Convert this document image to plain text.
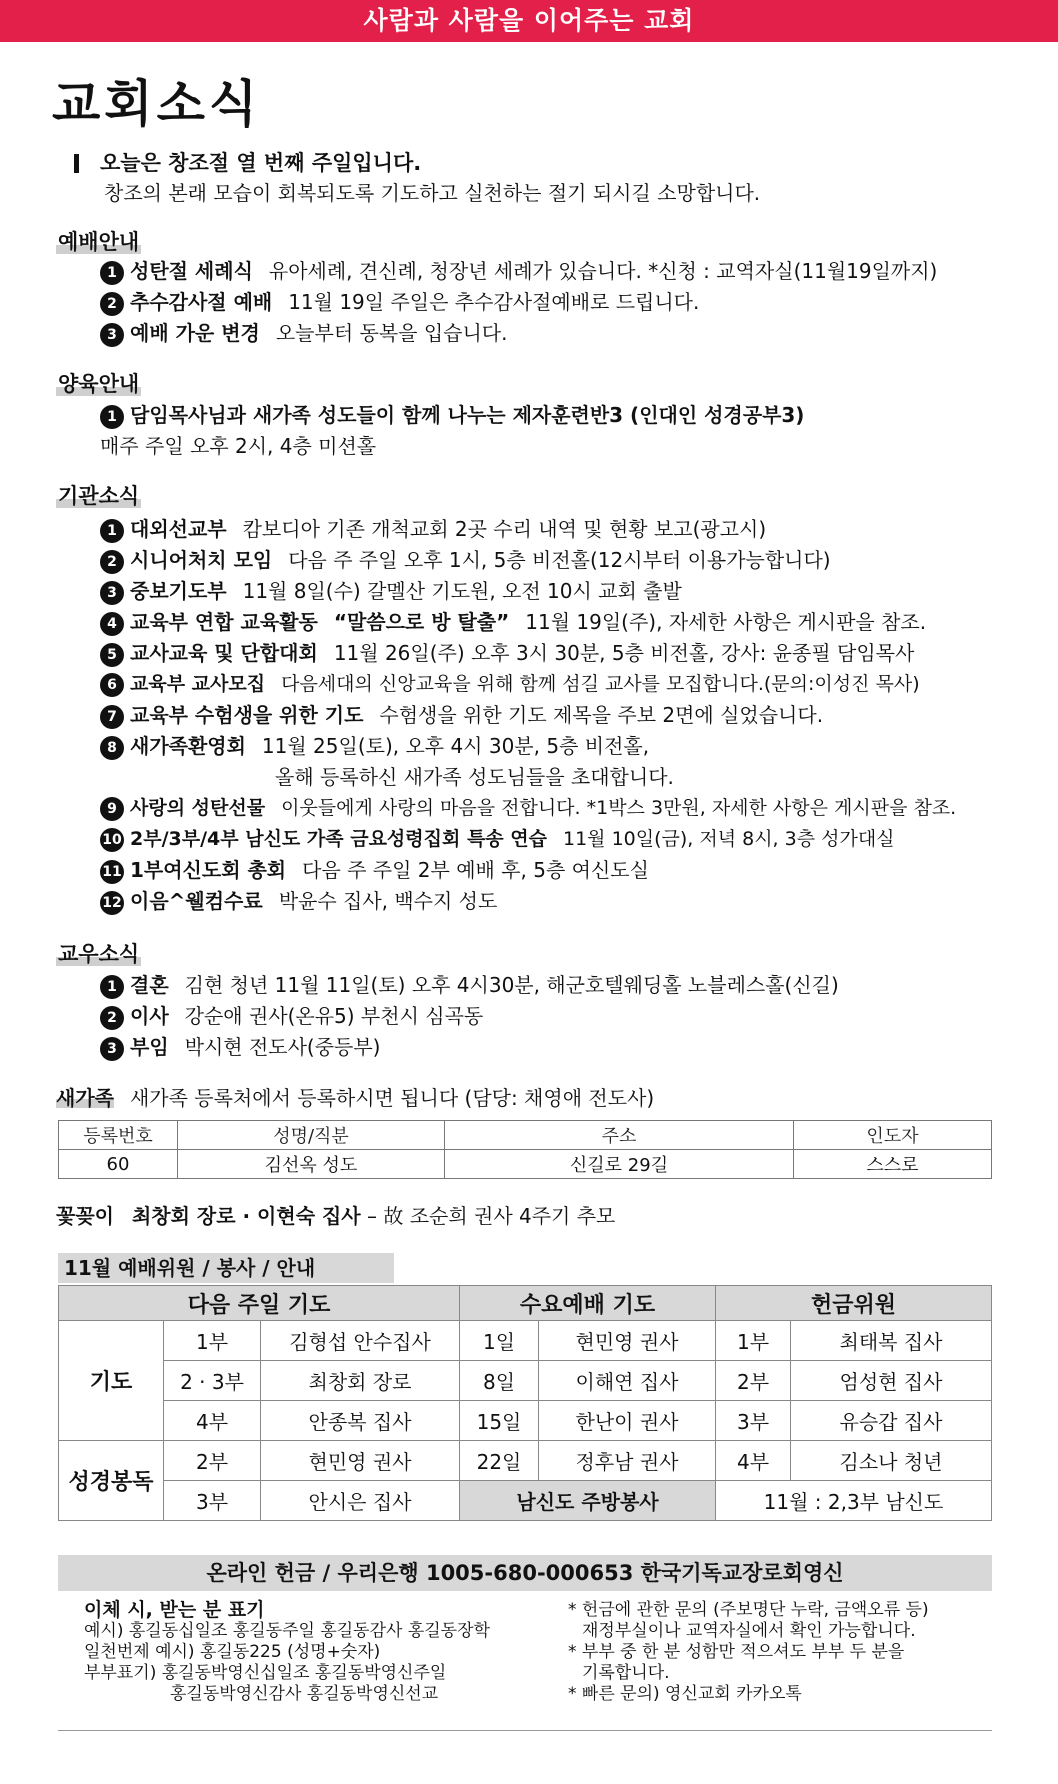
사람과 사람을 이어주는 교회
교회소식
오늘은 창조절 열 번째 주일입니다.
창조의 본래 모습이 회복되도록 기도하고 실천하는 절기 되시길 소망합니다.
예배안내
1 성탄절 세례식 유아세례, 견신례, 청장년 세례가 있습니다. *신청 : 교역자실(11월19일까지)
2 추수감사절 예배 11월 19일 주일은 추수감사절예배로 드립니다.
3 예배 가운 변경 오늘부터 동복을 입습니다.
양육안내
1 담임목사님과 새가족 성도들이 함께 나누는 제자훈련반3 (인대인 성경공부3)
매주 주일 오후 2시, 4층 미션홀
기관소식
1 대외선교부 캄보디아 기존 개척교회 2곳 수리 내역 및 현황 보고(광고시)
2 시니어처치 모임 다음 주 주일 오후 1시, 5층 비전홀(12시부터 이용가능합니다)
3 중보기도부 11월 8일(수) 갈멜산 기도원, 오전 10시 교회 출발
4 교육부 연합 교육활동 “말씀으로 방 탈출” 11월 19일(주), 자세한 사항은 게시판을 참조.
5 교사교육 및 단합대회 11월 26일(주) 오후 3시 30분, 5층 비전홀, 강사: 윤종필 담임목사
6 교육부 교사모집 다음세대의 신앙교육을 위해 함께 섬길 교사를 모집합니다.(문의:이성진 목사)
7 교육부 수험생을 위한 기도 수험생을 위한 기도 제목을 주보 2면에 실었습니다.
8 새가족환영회 11월 25일(토), 오후 4시 30분, 5층 비전홀,
올해 등록하신 새가족 성도님들을 초대합니다.
9 사랑의 성탄선물 이웃들에게 사랑의 마음을 전합니다. *1박스 3만원, 자세한 사항은 게시판을 참조.
10 2부/3부/4부 남신도 가족 금요성령집회 특송 연습 11월 10일(금), 저녁 8시, 3층 성가대실
11 1부여신도회 총회 다음 주 주일 2부 예배 후, 5층 여신도실
12 이음^웰컴수료 박윤수 집사, 백수지 성도
교우소식
1 결혼 김현 청년 11월 11일(토) 오후 4시30분, 해군호텔웨딩홀 노블레스홀(신길)
2 이사 강순애 권사(온유5) 부천시 심곡동
3 부임 박시현 전도사(중등부)
새가족 새가족 등록처에서 등록하시면 됩니다 (담당: 채영애 전도사)
등록번호	성명/직분	주소	인도자
60	김선옥 성도	신길로 29길	스스로
꽃꽂이 최창회 장로 · 이현숙 집사 – 故 조순희 권사 4주기 추모
11월 예배위원 / 봉사 / 안내
다음 주일 기도			수요예배 기도		헌금위원	
기도	1부	김형섭 안수집사	1일	현민영 권사	1부	최태복 집사
	2 · 3부	최창회 장로	8일	이해연 집사	2부	엄성현 집사
	4부	안종복 집사	15일	한난이 권사	3부	유승갑 집사
성경봉독	2부	현민영 권사	22일	정후남 권사	4부	김소나 청년
	3부	안시은 집사	남신도 주방봉사		11월 : 2,3부 남신도	
온라인 헌금 / 우리은행 1005-680-000653 한국기독교장로회영신
이체 시, 받는 분 표기
예시) 홍길동십일조 홍길동주일 홍길동감사 홍길동장학
일천번제 예시) 홍길동225 (성명+숫자)
부부표기) 홍길동박영신십일조 홍길동박영신주일
홍길동박영신감사 홍길동박영신선교
* 헌금에 관한 문의 (주보명단 누락, 금액오류 등)
재정부실이나 교역자실에서 확인 가능합니다.
* 부부 중 한 분 성함만 적으셔도 부부 두 분을
기록합니다.
* 빠른 문의) 영신교회 카카오톡
